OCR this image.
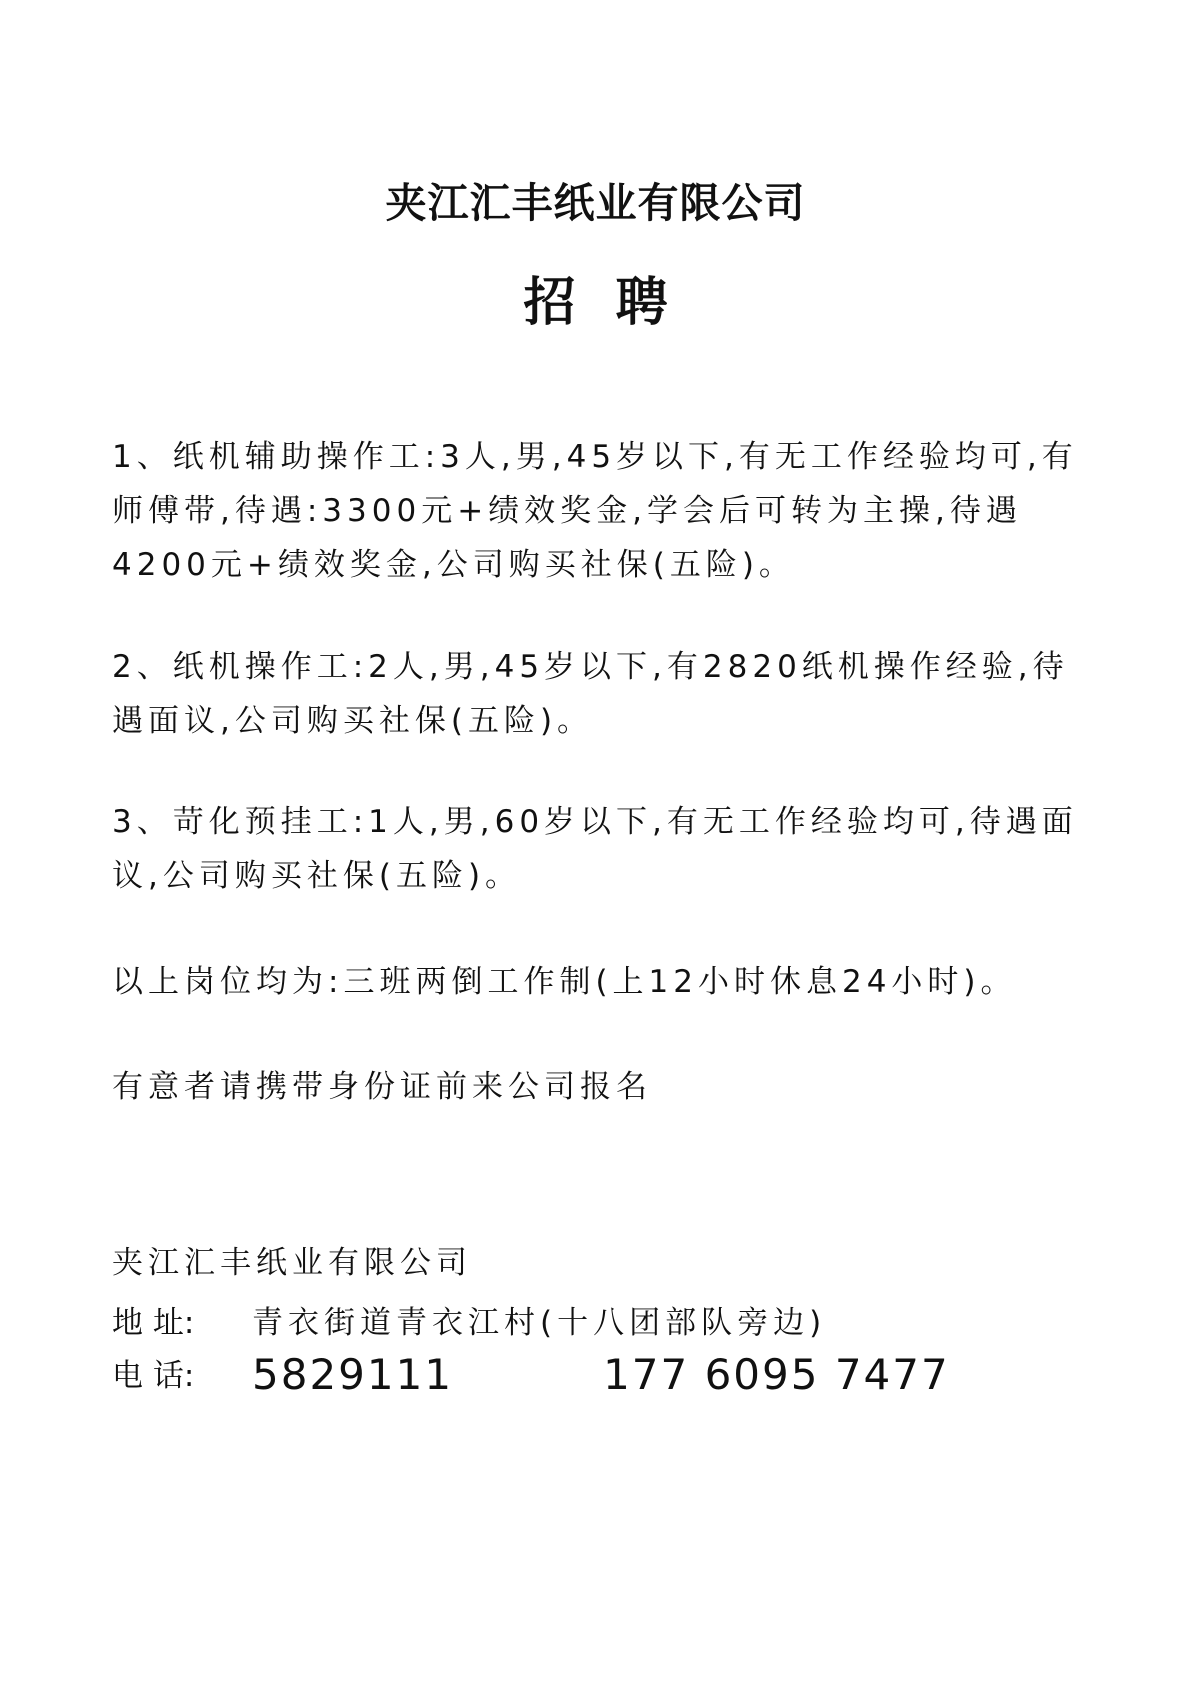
夹江汇丰纸业有限公司
招聘
1、纸机辅助操作工:3人,男,45岁以下,有无工作经验均可,有师傅带,待遇:3300元+绩效奖金,学会后可转为主操,待遇4200元+绩效奖金,公司购买社保(五险)。
2、纸机操作工:2人,男,45岁以下,有2820纸机操作经验,待遇面议,公司购买社保(五险)。
3、苛化预挂工:1人,男,60岁以下,有无工作经验均可,待遇面议,公司购买社保(五险)。
以上岗位均为:三班两倒工作制(上12小时休息24小时)。
有意者请携带身份证前来公司报名
夹江汇丰纸业有限公司
地 址: 青衣街道青衣江村(十八团部队旁边)
电 话: 5829111	177 6095 7477
